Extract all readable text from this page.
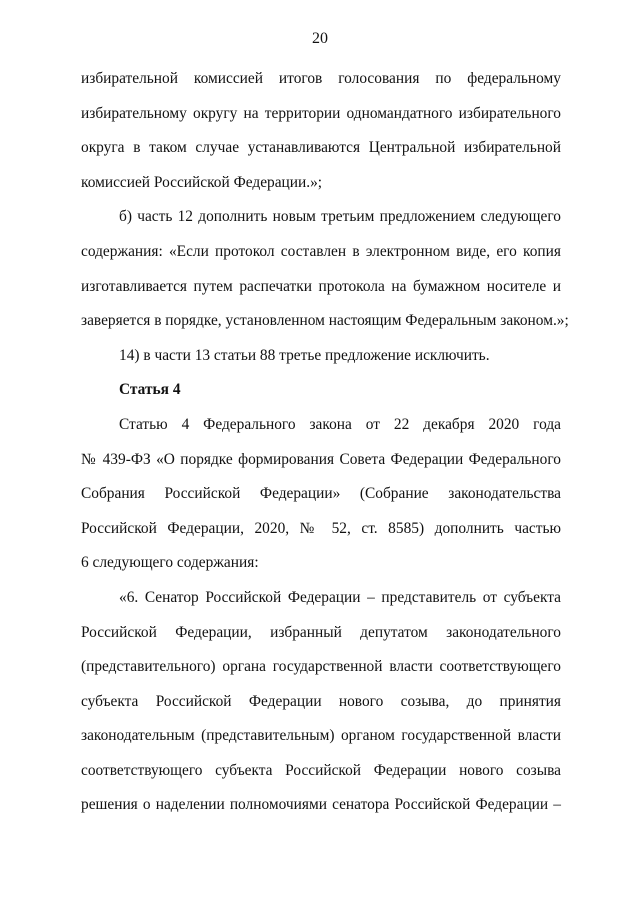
20
избирательной комиссией итогов голосования по федеральному
избирательному округу на территории одномандатного избирательного
округа в таком случае устанавливаются Центральной избирательной
комиссией Российской Федерации.»;
б) часть 12 дополнить новым третьим предложением следующего
содержания: «Если протокол составлен в электронном виде, его копия
изготавливается путем распечатки протокола на бумажном носителе и
заверяется в порядке, установленном настоящим Федеральным законом.»;
14) в части 13 статьи 88 третье предложение исключить.
Статья 4
Статью 4 Федерального закона от 22 декабря 2020 года
№ 439-ФЗ «О порядке формирования Совета Федерации Федерального
Собрания Российской Федерации» (Собрание законодательства
Российской Федерации, 2020, № 52, ст. 8585) дополнить частью
6 следующего содержания:
«6. Сенатор Российской Федерации – представитель от субъекта
Российской Федерации, избранный депутатом законодательного
(представительного) органа государственной власти соответствующего
субъекта Российской Федерации нового созыва, до принятия
законодательным (представительным) органом государственной власти
соответствующего субъекта Российской Федерации нового созыва
решения о наделении полномочиями сенатора Российской Федерации –
